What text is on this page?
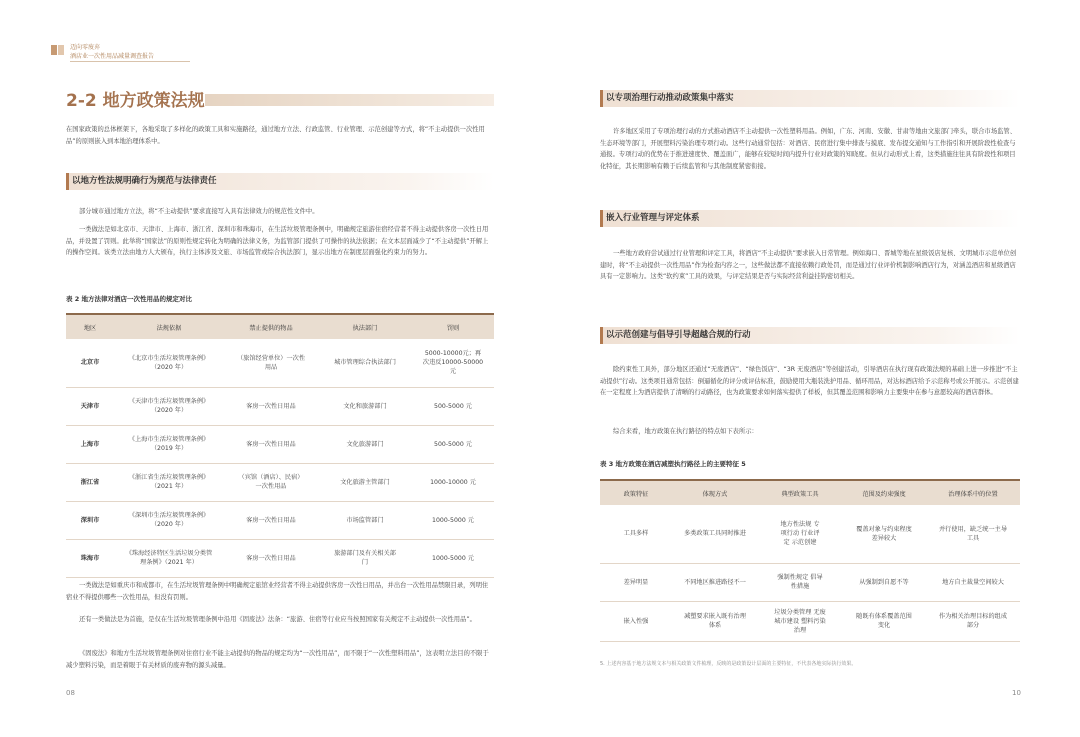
迈向零废弃
酒店业一次性用品减量调查报告
2-2 地方政策法规
在国家政策的总体框架下，各地采取了多样化的政策工具和实施路径，通过地方立法、行政监管、行业管理、示范创建等方式，将“不主动提供一次性用品”的原则嵌入到本地治理体系中。
以地方性法规明确行为规范与法律责任
部分城市通过地方立法，将“不主动提供”要求直接写入具有法律效力的规范性文件中。
一类做法是如北京市、天津市、上海市、浙江省、深圳市和珠海市，在生活垃圾管理条例中，明确规定旅游住宿经营者不得主动提供客房一次性日用品，并设置了罚则。此举将“国家法”的原则性规定转化为明确的法律义务，为监管部门提供了可操作的执法依据；在文本层面减少了“不主动提供”开解上的操作空间。该类立法由地方人大颁布，执行主体涉及文旅、市场监管或综合执法部门，显示出地方在制度层面强化约束力的努力。
表 2 地方法律对酒店一次性用品的规定对比
地区	法规依据	禁止提供的物品	执法部门	罚则
北京市	《北京市生活垃圾管理条例》（2020 年）	（旅馆经营单位）一次性用品	城市管理综合执法部门	5000-10000元；再次违反10000-50000 元
天津市	《天津市生活垃圾管理条例》（2020 年）	客房一次性日用品	文化和旅游部门	500-5000 元
上海市	《上海市生活垃圾管理条例》（2019 年）	客房一次性日用品	文化旅游部门	500-5000 元
浙江省	《浙江省生活垃圾管理条例》（2021 年）	（宾馆（酒店）、民宿）一次性用品	文化旅游主管部门	1000-10000 元
深圳市	《深圳市生活垃圾管理条例》（2020 年）	客房一次性日用品	市场监管部门	1000-5000 元
珠海市	《珠海经济特区生活垃圾分类管理条例》（2021 年）	客房一次性日用品	旅游部门及有关相关部门	1000-5000 元
一类做法是如重庆市和成都市，在生活垃圾管理条例中明确规定旅馆业经营者不得主动提供客房一次性日用品，并出台一次性用品禁限目录，列明住宿业不得提供哪些一次性用品，但没有罚则。
还有一类做法是为首施，是仅在生活垃圾管理条例中沿用《固废法》法条：“旅游、住宿等行业应当按照国家有关规定不主动提供一次性用品”。
《固废法》和地方生活垃圾管理条例对住宿行业不能主动提供的物品的规定均为“一次性用品”，而不限于“一次性塑料用品”，这表明立法目的不限于减少塑料污染，而是着眼于有关材质的废弃物的源头减量。
08
以专项治理行动推动政策集中落实
许多地区采用了专项治理行动的方式推动酒店不主动提供一次性塑料用品。例如，广东、河南、安徽、甘肃等地由文旅部门牵头，联合市场监管、生态环境等部门，开展塑料污染治理专项行动。这些行动通常包括：对酒店、民宿进行集中排查与摸底、发布提交通知与工作指引和开展阶段性检查与通报。专项行动的优势在于推进速度快、覆盖面广，能够在较短时间内提升行业对政策的知晓度。但从行动形式上看，这类措施往往具有阶段性和项目化特征，其长期影响有赖于后续监管和与其他制度紧密衔接。
嵌入行业管理与评定体系
一些地方政府尝试通过行业管理和评定工具，将酒店“不主动提供”要求嵌入日常管理。例如海口、晋城等地在星级饭店复核、文明城市示范单位创建时，将“不主动提供一次性用品”作为检查内容之一，这些做法都不直接依赖行政处罚，而是通过行业评价机制影响酒店行为，对涵盖酒店和星级酒店具有一定影响力。这类“软约束”工具的效果，与评定结果是否与实际经营利益挂钩密切相关。
以示范创建与倡导引导超越合规的行动
除约束性工具外，部分地区还通过“无废酒店”、“绿色饭店”、“3R 无废酒店”等创建活动，引导酒店在执行现有政策法规的基础上进一步推进“不主动提供”行动。这类项目通常包括：倒逼循化的评分或评估标准，鼓励使用大瓶装洗护用品、循环用品，对达标酒店给予示范称号或公开展示。示范创建在一定程度上为酒店提供了清晰的行动路径，也为政策要求如何落实提供了样板，但其覆盖范围和影响力主要集中在参与意愿较高的酒店群体。
综合来看，地方政策在执行路径的特点如下表所示：
表 3 地方政策在酒店减塑执行路径上的主要特征 5
政策特征	体现方式	典型政策工具	范围及约束强度	治理体系中的位置
工具多样	多类政策工具同时推进	地方性法规 专项行动 行业评定 示范创建	覆盖对象与约束程度差异较大	并行使用，缺乏统一主导工具
差异明显	不同地区推进路径不一	强制性规定 倡导性措施	从强制到自愿不等	地方自主裁量空间较大
嵌入性强	减塑要求嵌入既有治理体系	垃圾分类管理 无废城市建设 塑料污染治理	随既有体系覆盖范围变化	作为相关治理目标的组成部分
5. 上述内容基于地方法规文本与相关政策文件梳理，反映的是政策设计层面的主要特征，不代表各地实际执行效果。
10
